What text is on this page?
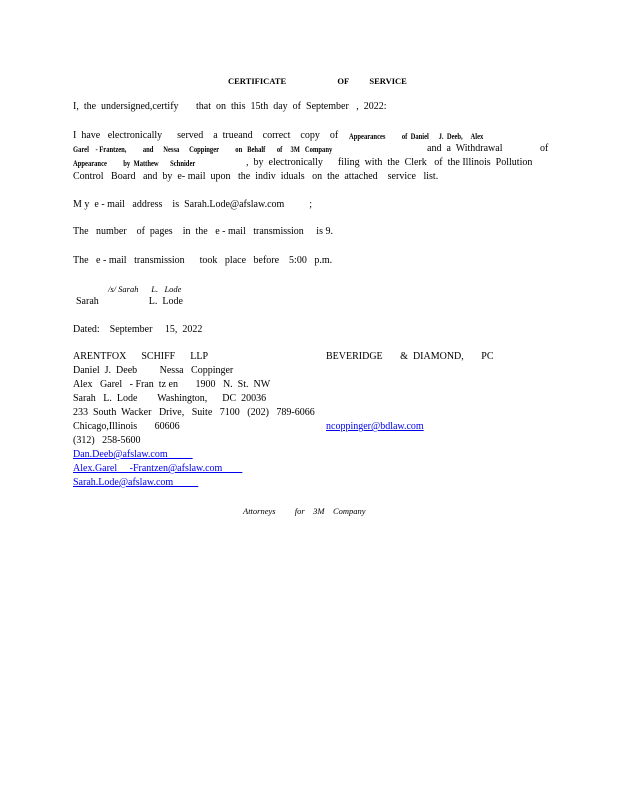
CERTIFICATE          OF    SERVICE
I,  the  undersigned,certify       that  on  this  15th  day  of  September   ,  2022:
I  have   electronically      served    a  trueand    correct    copy    of Appearances          of  Daniel      J.  Deeb,     Alex
Garel    - Frantzen,          and      Nessa      Coppinger          on   Behalf       of     3M   Company	and  a  Withdrawal               of
Appearance          by  Matthew       Schnider	,  by  electronically      filing  with  the  Clerk   of  the Illinois  Pollution
Control   Board   and  by  e- mail  upon   the  indiv  iduals   on  the  attached    service   list.
M y  e - mail   address    is  Sarah.Lode@afslaw.com          ;
The   number    of  pages    in  the   e - mail   transmission     is 9.
The   e - mail   transmission      took   place   before    5:00   p.m.
/s/ Sarah      L.   Lode
Sarah                    L.  Lode
Dated:    September     15,  2022
ARENTFOX      SCHIFF      LLP	BEVERIDGE       &  DIAMOND,       PC
Daniel  J.  Deeb         Nessa   Coppinger
Alex   Garel   - Fran  tz en       1900   N.  St.  NW
Sarah   L.  Lode        Washington,      DC  20036
233  South  Wacker   Drive,   Suite   7100   (202)   789-6066
Chicago,Illinois       60606	ncoppinger@bdlaw.com
(312)   258-5600
Dan.Deeb@afslaw.com
Alex.Garel     -Frantzen@afslaw.com
Sarah.Lode@afslaw.com
Attorneys         for    3M    Company
